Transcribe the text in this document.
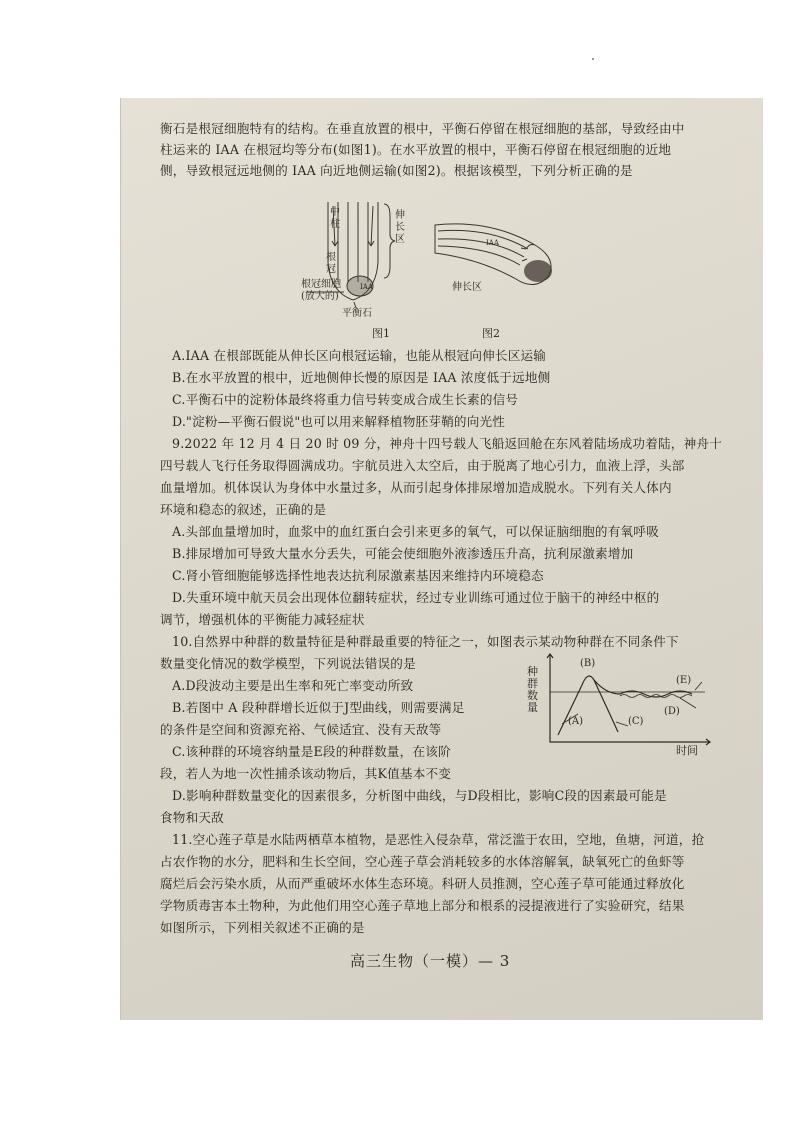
衡石是根冠细胞特有的结构。在垂直放置的根中，平衡石停留在根冠细胞的基部，导致经由中
柱运来的 IAA 在根冠均等分布(如图1)。在水平放置的根中，平衡石停留在根冠细胞的近地
侧，导致根冠远地侧的 IAA 向近地侧运输(如图2)。根据该模型，下列分析正确的是
中
柱
伸
长
区
根
冠
根冠细胞
(放大的)
平衡石
IAA
图1
IAA
伸长区
图2
A.IAA 在根部既能从伸长区向根冠运输，也能从根冠向伸长区运输
B.在水平放置的根中，近地侧伸长慢的原因是 IAA 浓度低于远地侧
C.平衡石中的淀粉体最终将重力信号转变成合成生长素的信号
D."淀粉—平衡石假说"也可以用来解释植物胚芽鞘的向光性
9.2022 年 12 月 4 日 20 时 09 分，神舟十四号载人飞船返回舱在东风着陆场成功着陆，神舟十
四号载人飞行任务取得圆满成功。宇航员进入太空后，由于脱离了地心引力，血液上浮，头部
血量增加。机体误认为身体中水量过多，从而引起身体排尿增加造成脱水。下列有关人体内
环境和稳态的叙述，正确的是
A.头部血量增加时，血浆中的血红蛋白会引来更多的氧气，可以保证脑细胞的有氧呼吸
B.排尿增加可导致大量水分丢失，可能会使细胞外液渗透压升高，抗利尿激素增加
C.肾小管细胞能够选择性地表达抗利尿激素基因来维持内环境稳态
D.失重环境中航天员会出现体位翻转症状，经过专业训练可通过位于脑干的神经中枢的
调节，增强机体的平衡能力减轻症状
10.自然界中种群的数量特征是种群最重要的特征之一，如图表示某动物种群在不同条件下
数量变化情况的数学模型，下列说法错误的是
A.D段波动主要是出生率和死亡率变动所致
B.若图中 A 段种群增长近似于J型曲线，则需要满足
的条件是空间和资源充裕、气候适宜、没有天敌等
C.该种群的环境容纳量是E段的种群数量，在该阶
段，若人为地一次性捕杀该动物后，其K值基本不变
D.影响种群数量变化的因素很多，分析图中曲线，与D段相比，影响C段的因素最可能是
食物和天敌
种
群
数
量
时间
(A)
(B)
(C)
(D)
(E)
11.空心莲子草是水陆两栖草本植物，是恶性入侵杂草，常泛滥于农田，空地，鱼塘，河道，抢
占农作物的水分，肥料和生长空间，空心莲子草会消耗较多的水体溶解氧，缺氧死亡的鱼虾等
腐烂后会污染水质，从而严重破坏水体生态环境。科研人员推测，空心莲子草可能通过释放化
学物质毒害本土物种，为此他们用空心莲子草地上部分和根系的浸提液进行了实验研究，结果
如图所示，下列相关叙述不正确的是
高三生物（一模）— 3
